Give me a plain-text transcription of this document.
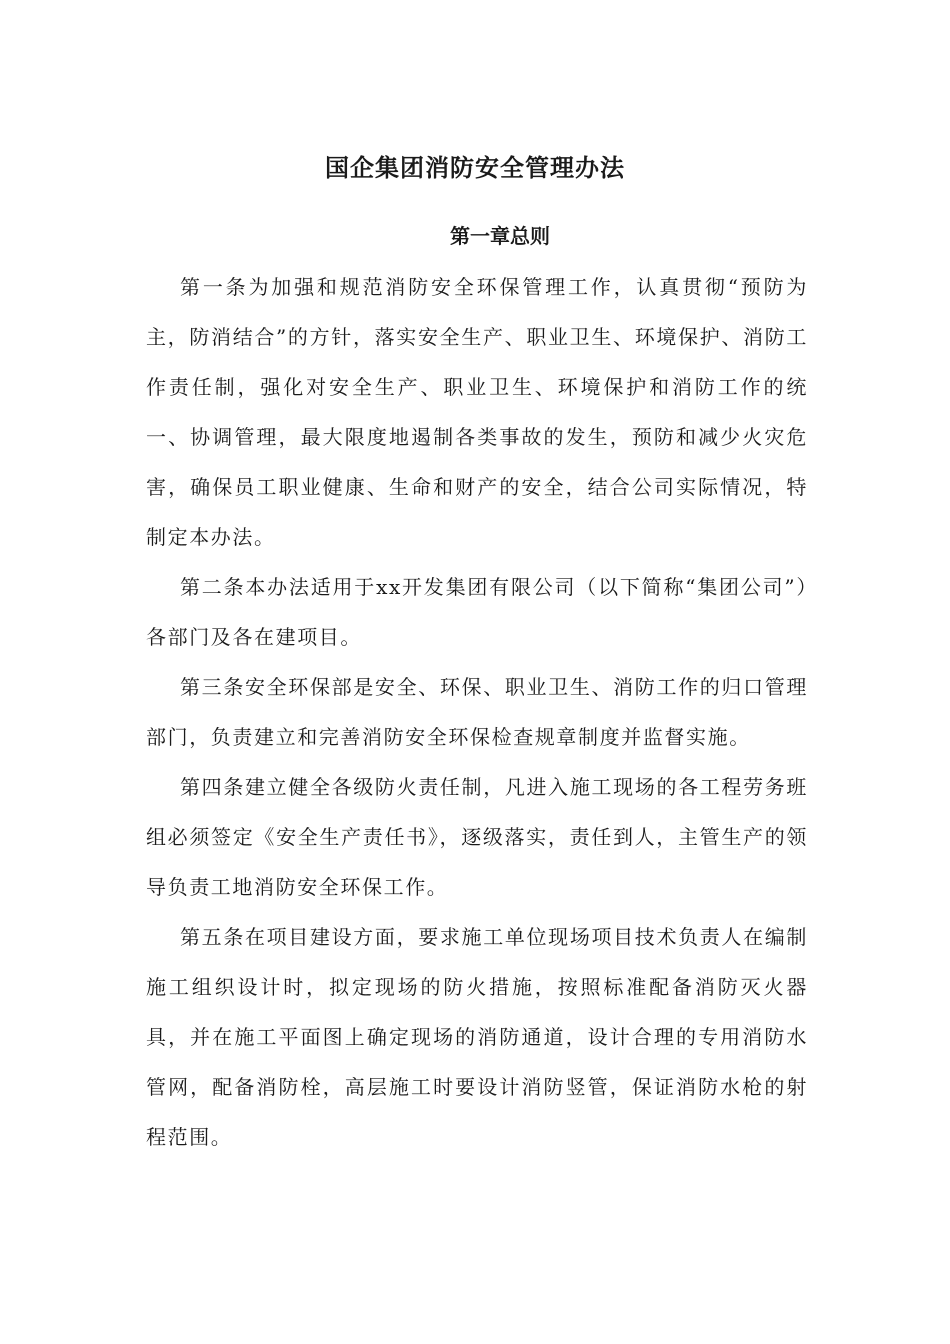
国企集团消防安全管理办法
第一章总则

第一条为加强和规范消防安全环保管理工作，认真贯彻“预防为主，防消结合”的方针，落实安全生产、职业卫生、环境保护、消防工作责任制，强化对安全生产、职业卫生、环境保护和消防工作的统一、协调管理，最大限度地遏制各类事故的发生，预防和减少火灾危害，确保员工职业健康、生命和财产的安全，结合公司实际情况，特制定本办法。

第二条本办法适用于xx开发集团有限公司（以下简称“集团公司”）各部门及各在建项目。

第三条安全环保部是安全、环保、职业卫生、消防工作的归口管理部门，负责建立和完善消防安全环保检查规章制度并监督实施。

第四条建立健全各级防火责任制，凡进入施工现场的各工程劳务班组必须签定《安全生产责任书》，逐级落实，责任到人，主管生产的领导负责工地消防安全环保工作。

第五条在项目建设方面，要求施工单位现场项目技术负责人在编制施工组织设计时，拟定现场的防火措施，按照标准配备消防灭火器具，并在施工平面图上确定现场的消防通道，设计合理的专用消防水管网，配备消防栓，高层施工时要设计消防竖管，保证消防水枪的射程范围。
